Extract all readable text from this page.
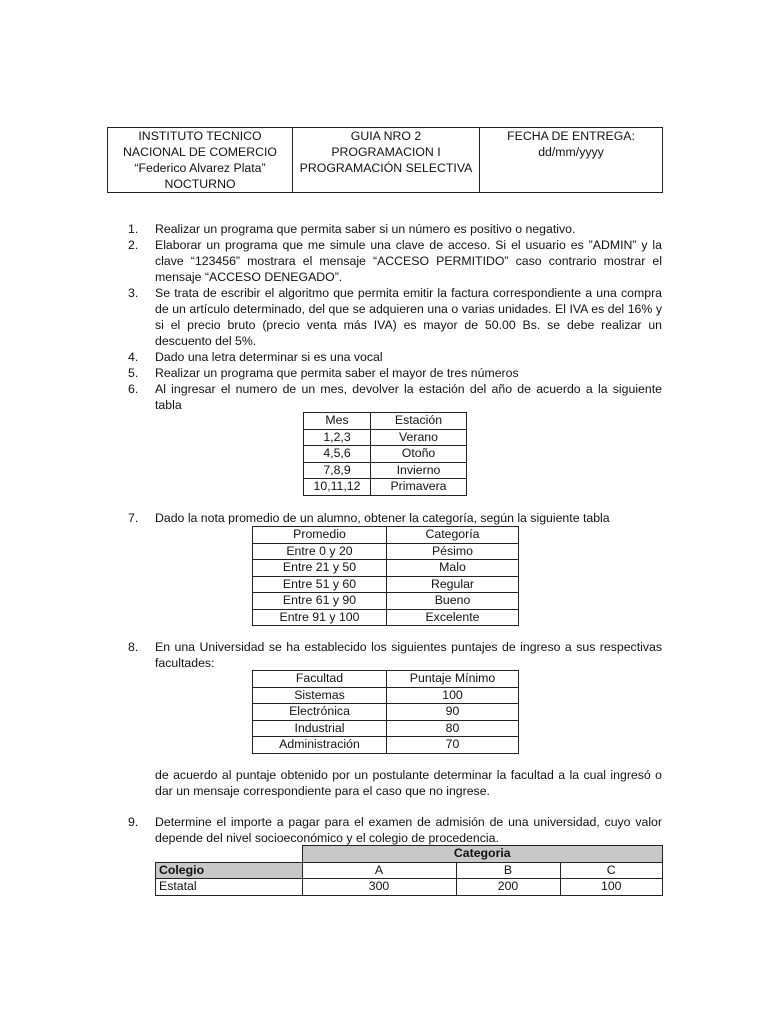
INSTITUTO TECNICO
NACIONAL DE COMERCIO
“Federico Alvarez Plata”
NOCTURNO

GUIA NRO 2
PROGRAMACION I
PROGRAMACIÓN SELECTIVA

FECHA DE ENTREGA:
dd/mm/yyyy
1. Realizar un programa que permita saber si un número es positivo o negativo.
2. Elaborar un programa que me simule una clave de acceso. Si el usuario es ”ADMIN” y la clave “123456” mostrara el mensaje “ACCESO PERMITIDO” caso contrario mostrar el mensaje “ACCESO DENEGADO”.
3. Se trata de escribir el algoritmo que permita emitir la factura correspondiente a una compra de un artículo determinado, del que se adquieren una o varias unidades. El IVA es del 16% y si el precio bruto (precio venta más IVA) es mayor de 50.00 Bs. se debe realizar un descuento del 5%.
4. Dado una letra determinar si es una vocal
5. Realizar un programa que permita saber el mayor de tres números
6. Al ingresar el numero de un mes, devolver la estación del año de acuerdo a la siguiente tabla
Mes	Estación
1,2,3	Verano
4,5,6	Otoño
7,8,9	Invierno
10,11,12	Primavera
7. Dado la nota promedio de un alumno, obtener la categoría, según la siguiente tabla
Promedio	Categoría
Entre 0 y 20	Pésimo
Entre 21 y 50	Malo
Entre 51 y 60	Regular
Entre 61 y 90	Bueno
Entre 91 y 100	Excelente
8. En una Universidad se ha establecido los siguientes puntajes de ingreso a sus respectivas facultades:
Facultad	Puntaje Mínimo
Sistemas	100
Electrónica	90
Industrial	80
Administración	70
de acuerdo al puntaje obtenido por un postulante determinar la facultad a la cual ingresó o dar un mensaje correspondiente para el caso que no ingrese.
9. Determine el importe a pagar para el examen de admisión de una universidad, cuyo valor depende del nivel socioeconómico y el colegio de procedencia.
	Categoria		
Colegio	A	B	C
Estatal	300	200	100
